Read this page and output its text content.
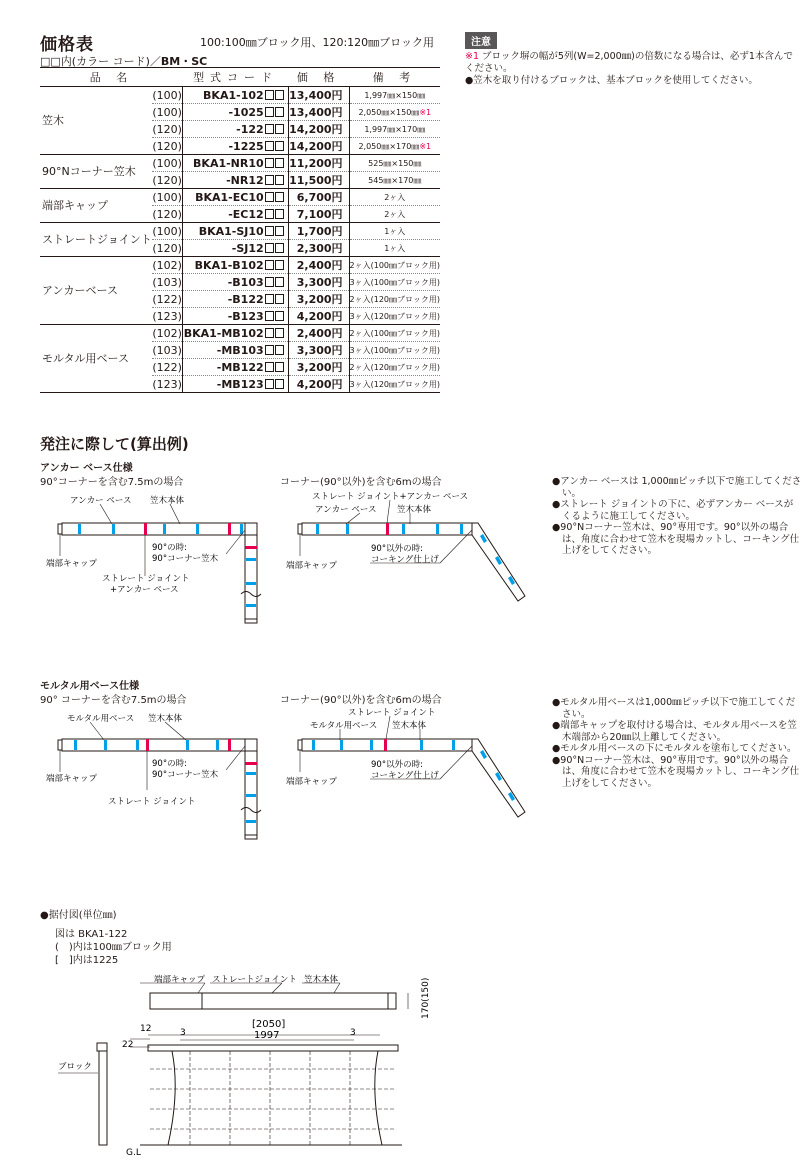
価格表	100:100㎜ブロック用、120:120㎜ブロック用
□□内(カラー コード)／BM・SC
品 名		型式コード	価 格	備 考
笠木	(100)	BKA1-102	13,400円	1,997㎜×150㎜
	(100)	-1025	13,400円	2,050㎜×150㎜※1
	(120)	-122	14,200円	1,997㎜×170㎜
	(120)	-1225	14,200円	2,050㎜×170㎜※1
90°Nコーナー笠木	(100)	BKA1-NR10	11,200円	525㎜×150㎜
	(120)	-NR12	11,500円	545㎜×170㎜
端部キャップ	(100)	BKA1-EC10	6,700円	2ヶ入
	(120)	-EC12	7,100円	2ヶ入
ストレートジョイント	(100)	BKA1-SJ10	1,700円	1ヶ入
	(120)	-SJ12	2,300円	1ヶ入
アンカーベース	(102)	BKA1-B102	2,400円	2ヶ入(100㎜ブロック用)
	(103)	-B103	3,300円	3ヶ入(100㎜ブロック用)
	(122)	-B122	3,200円	2ヶ入(120㎜ブロック用)
	(123)	-B123	4,200円	3ヶ入(120㎜ブロック用)
モルタル用ベース	(102)	BKA1-MB102	2,400円	2ヶ入(100㎜ブロック用)
	(103)	-MB103	3,300円	3ヶ入(100㎜ブロック用)
	(122)	-MB122	3,200円	2ヶ入(120㎜ブロック用)
	(123)	-MB123	4,200円	3ヶ入(120㎜ブロック用)
注意
※1 ブロック塀の幅が5列(W=2,000㎜)の倍数になる場合は、必ず1本含んでください。
●笠木を取り付けるブロックは、基本ブロックを使用してください。
発注に際して(算出例)
アンカー ベース仕様
90°コーナーを含む7.5mの場合	コーナー(90°以外)を含む6mの場合
アンカー ベース 笠木本体
端部キャップ
90°の時:
90°コーナー笠木
ストレート ジョイント
+アンカー ベース
ストレート ジョイント+アンカー ベース
アンカー ベース 笠木本体
端部キャップ
90°以外の時:
コーキング仕上げ
●アンカー ベースは 1,000㎜ピッチ以下で施工してください。
●ストレート ジョイントの下に、必ずアンカー ベースがくるように施工してください。
●90°Nコーナー笠木は、90°専用です。90°以外の場合は、角度に合わせて笠木を現場カットし、コーキング仕上げをしてください。
モルタル用ベース仕様
90° コーナーを含む7.5mの場合	コーナー(90°以外)を含む6mの場合
モルタル用ベース 笠木本体
端部キャップ
90°の時:
90°コーナー笠木
ストレート ジョイント
ストレート ジョイント
モルタル用ベース 笠木本体
端部キャップ
90°以外の時:
コーキング仕上げ
●モルタル用ベースは1,000㎜ピッチ以下で施工してください。
●端部キャップを取付ける場合は、モルタル用ベースを笠木端部から20㎜以上離してください。
●モルタル用ベースの下にモルタルを塗布してください。
●90°Nコーナー笠木は、90°専用です。90°以外の場合は、角度に合わせて笠木を現場カットし、コーキング仕上げをしてください。
●据付図(単位㎜)
図は BKA1-122
(　)内は100㎜ブロック用
[　]内は1225
端部キャップ ストレートジョイント 笠木本体	170(150)
12
22
3
[2050]
1997	3
ブロック
G.L
